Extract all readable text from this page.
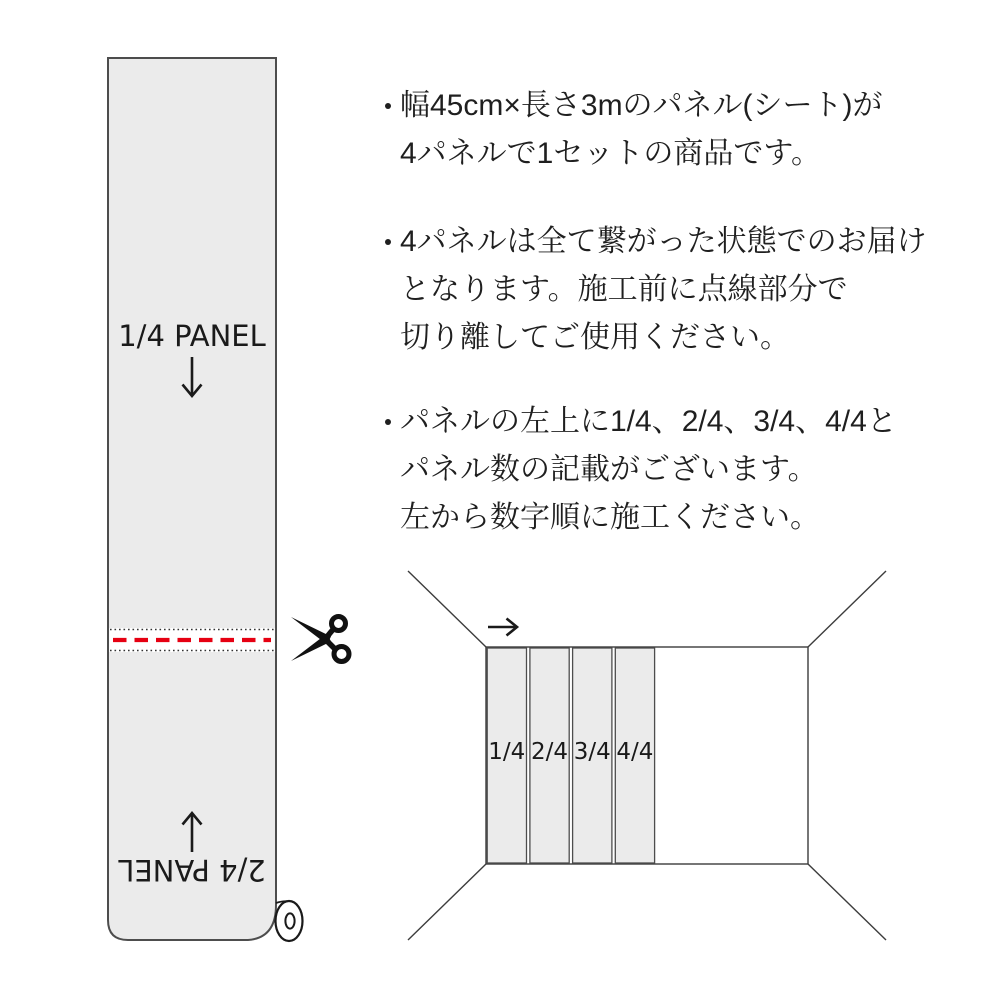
1/4 PANEL
2/4 PANEL
1/4 2/4 3/4 4/4
幅45cm×長さ3mのパネル(シート)が
4パネルで1セットの商品です。
4パネルは全て繋がった状態でのお届け
となります。施工前に点線部分で
切り離してご使用ください。
パネルの左上に1/4、2/4、3/4、4/4と
パネル数の記載がございます。
左から数字順に施工ください。
